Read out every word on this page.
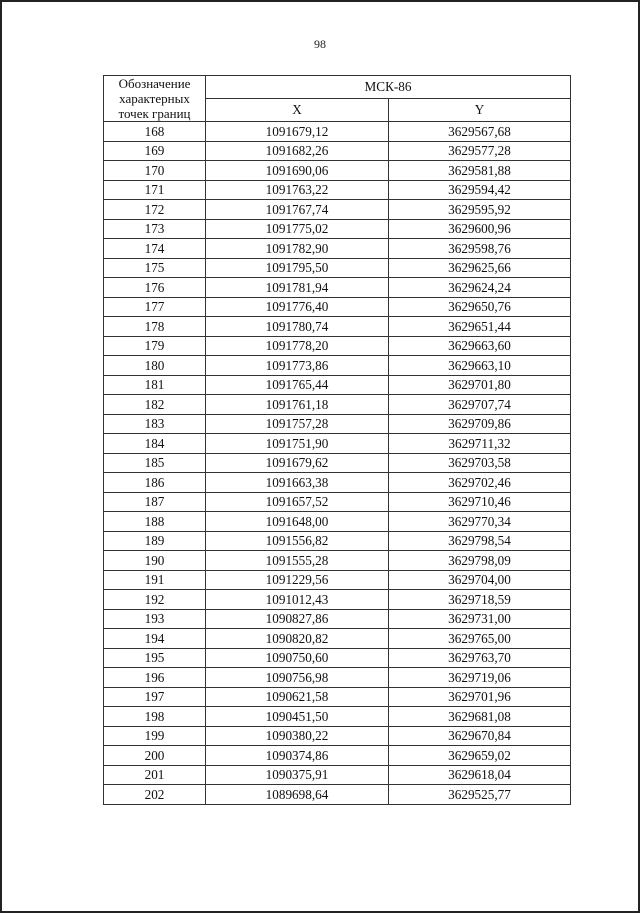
98
Обозначение характерных точек границ	МСК-86	
	X	Y
168	1091679,12	3629567,68
169	1091682,26	3629577,28
170	1091690,06	3629581,88
171	1091763,22	3629594,42
172	1091767,74	3629595,92
173	1091775,02	3629600,96
174	1091782,90	3629598,76
175	1091795,50	3629625,66
176	1091781,94	3629624,24
177	1091776,40	3629650,76
178	1091780,74	3629651,44
179	1091778,20	3629663,60
180	1091773,86	3629663,10
181	1091765,44	3629701,80
182	1091761,18	3629707,74
183	1091757,28	3629709,86
184	1091751,90	3629711,32
185	1091679,62	3629703,58
186	1091663,38	3629702,46
187	1091657,52	3629710,46
188	1091648,00	3629770,34
189	1091556,82	3629798,54
190	1091555,28	3629798,09
191	1091229,56	3629704,00
192	1091012,43	3629718,59
193	1090827,86	3629731,00
194	1090820,82	3629765,00
195	1090750,60	3629763,70
196	1090756,98	3629719,06
197	1090621,58	3629701,96
198	1090451,50	3629681,08
199	1090380,22	3629670,84
200	1090374,86	3629659,02
201	1090375,91	3629618,04
202	1089698,64	3629525,77
